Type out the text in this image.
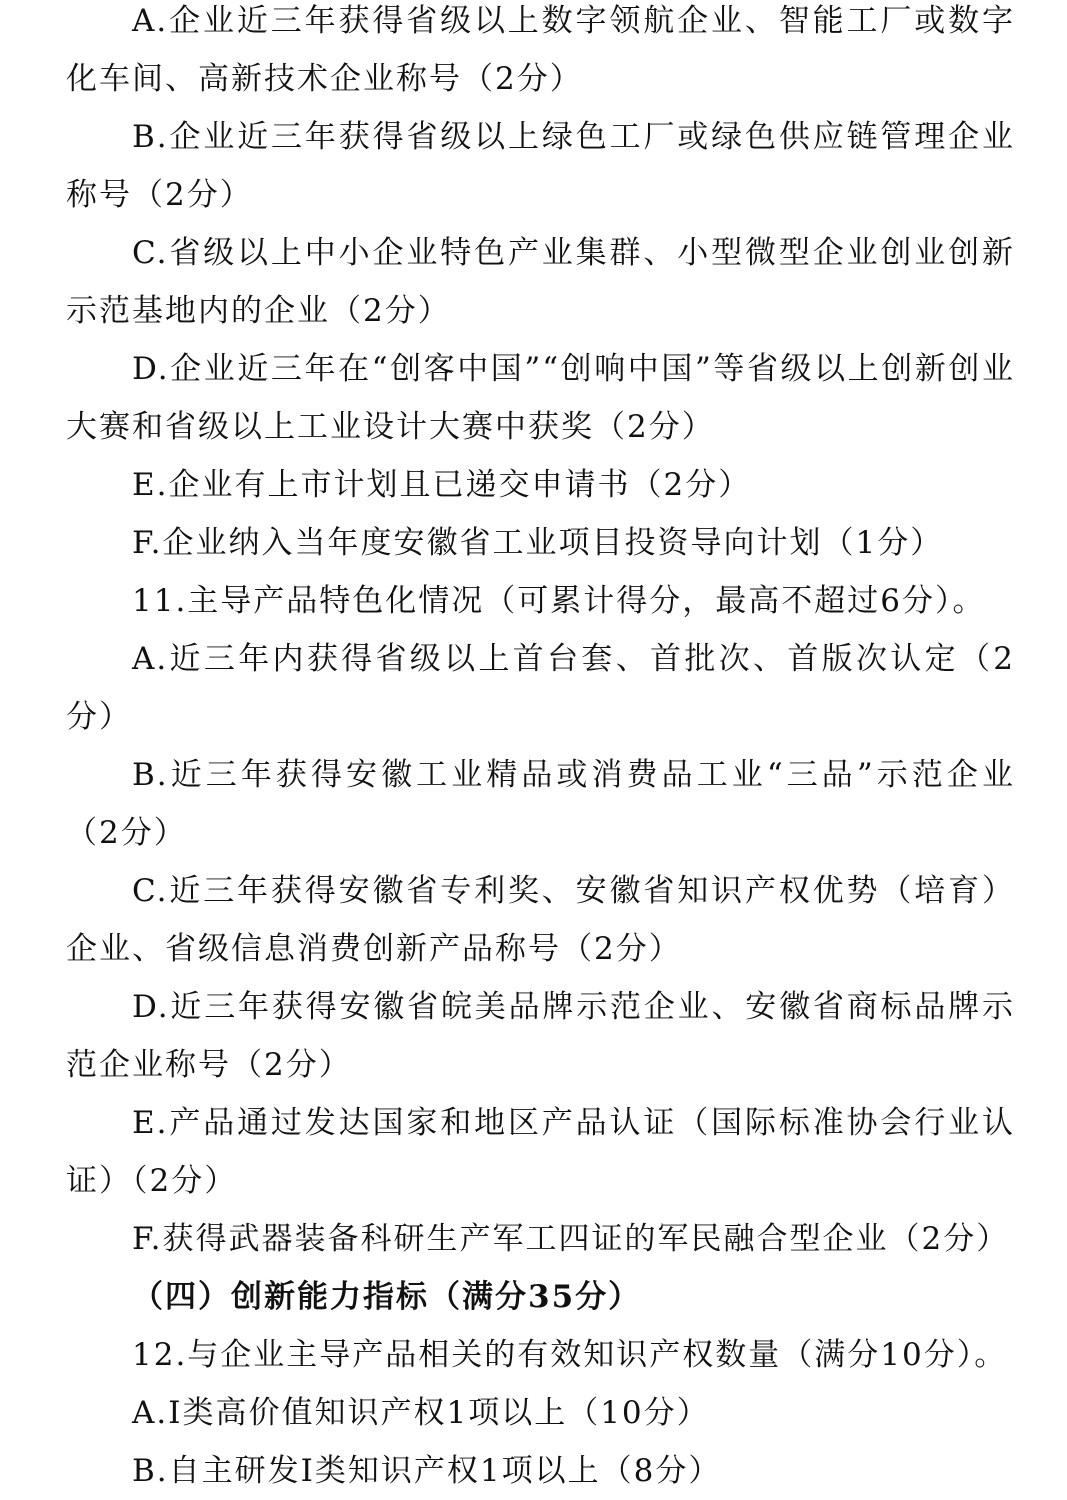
A.企业近三年获得省级以上数字领航企业、智能工厂或数字化车间、高新技术企业称号（2分）

B.企业近三年获得省级以上绿色工厂或绿色供应链管理企业称号（2分）

C.省级以上中小企业特色产业集群、小型微型企业创业创新示范基地内的企业（2分）

D.企业近三年在“创客中国”“创响中国”等省级以上创新创业大赛和省级以上工业设计大赛中获奖（2分）

E.企业有上市计划且已递交申请书（2分）

F.企业纳入当年度安徽省工业项目投资导向计划（1分）

11.主导产品特色化情况（可累计得分，最高不超过6分）。

A.近三年内获得省级以上首台套、首批次、首版次认定（2分）

B.近三年获得安徽工业精品或消费品工业“三品”示范企业（2分）

C.近三年获得安徽省专利奖、安徽省知识产权优势（培育）企业、省级信息消费创新产品称号（2分）

D.近三年获得安徽省皖美品牌示范企业、安徽省商标品牌示范企业称号（2分）

E.产品通过发达国家和地区产品认证（国际标准协会行业认证）（2分）

F.获得武器装备科研生产军工四证的军民融合型企业（2分）

（四）创新能力指标（满分35分）

12.与企业主导产品相关的有效知识产权数量（满分10分）。

A.I类高价值知识产权1项以上（10分）

B.自主研发I类知识产权1项以上（8分）
